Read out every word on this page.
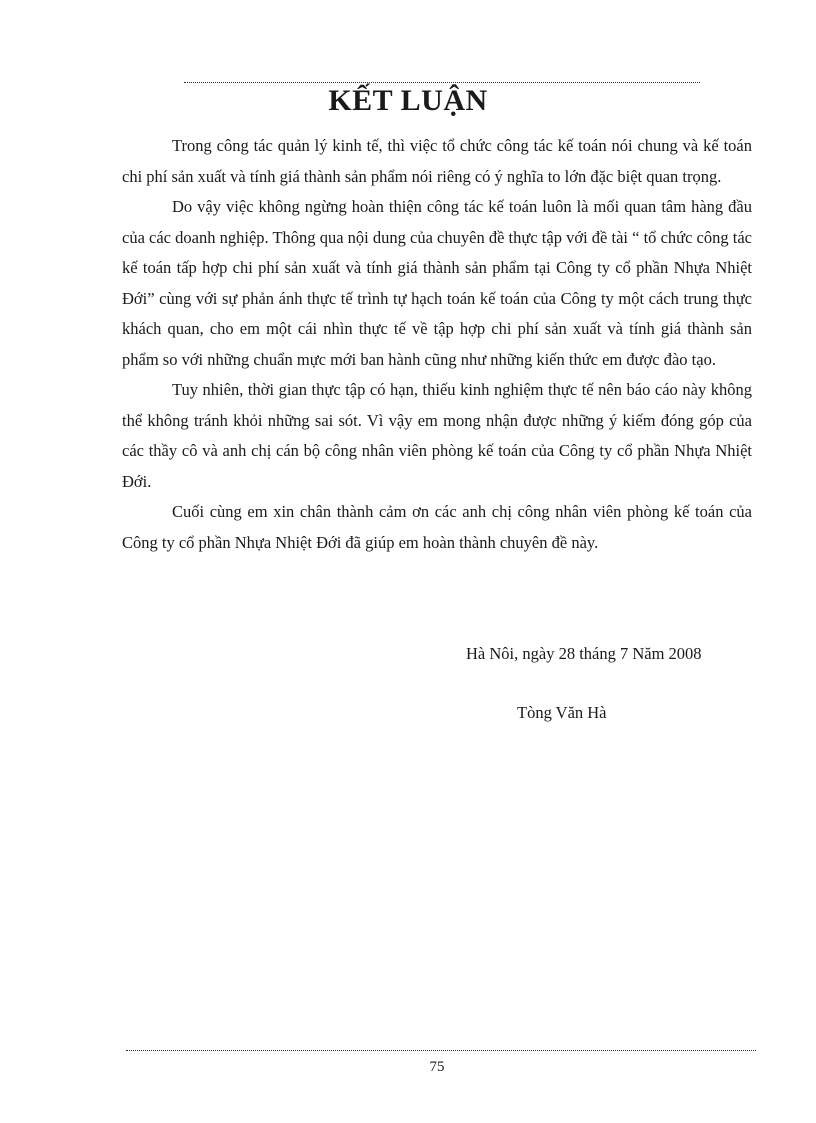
KẾT LUẬN

Trong công tác quản lý kinh tế, thì việc tổ chức công tác kế toán nói chung và kế toán chi phí sản xuất và tính giá thành sản phẩm nói riêng có ý nghĩa to lớn đặc biệt quan trọng.

Do vậy việc không ngừng hoàn thiện công tác kế toán luôn là mối quan tâm hàng đầu của các doanh nghiệp. Thông qua nội dung của chuyên đề thực tập với đề tài “ tổ chức công tác kế toán tấp hợp chi phí sản xuất và tính giá thành sản phẩm tại Công ty cổ phần Nhựa Nhiệt Đới” cùng với sự phản ánh thực tế trình tự hạch toán kế toán của Công ty một cách trung thực khách quan, cho em một cái nhìn thực tế về tập hợp chi phí sản xuất và tính giá thành sản phẩm so với những chuẩn mực mới ban hành cũng như những kiến thức em được đào tạo.

Tuy nhiên, thời gian thực tập có hạn, thiếu kinh nghiệm thực tế nên báo cáo này không thể không tránh khỏi những sai sót. Vì vậy em mong nhận được những ý kiếm đóng góp của các thầy cô và anh chị cán bộ công nhân viên phòng kế toán của Công ty cổ phần Nhựa Nhiệt Đới.

Cuối cùng em xin chân thành cảm ơn các anh chị công nhân viên phòng kế toán của Công ty cổ phần Nhựa Nhiệt Đới đã giúp em hoàn thành chuyên đề này.

Hà Nôi, ngày 28 tháng 7 Năm 2008
Tòng Văn Hà
75
